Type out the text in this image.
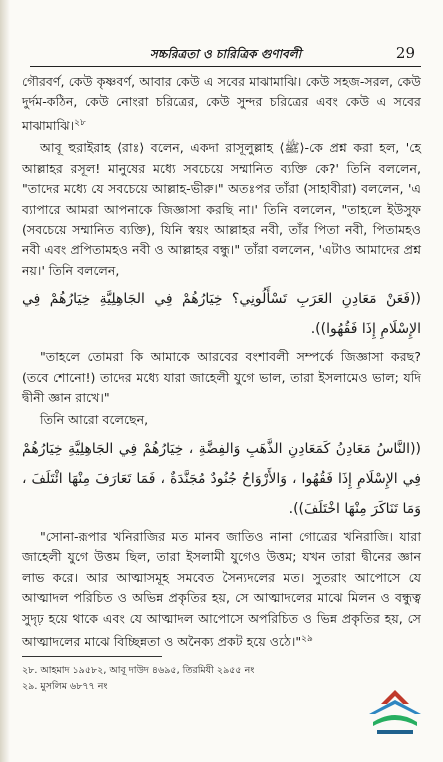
সচ্চরিত্রতা ও চারিত্রিক গুণাবলী	29

গৌরবর্ণ, কেউ কৃষ্ণবর্ণ, আবার কেউ এ সবের মাঝামাঝি। কেউ সহজ-সরল, কেউ দুর্দম-কঠিন, কেউ নোংরা চরিত্রের, কেউ সুন্দর চরিত্রের এবং কেউ এ সবের মাঝামাঝি।$^{২৮}$

আবূ হুরাইরাহ ⟨রাঃ⟩ বলেন, একদা রাসূলুল্লাহ ⟨ﷺ⟩-কে প্রশ্ন করা হল, 'হে আল্লাহর রসূল! মানুষের মধ্যে সবচেয়ে সম্মানিত ব্যক্তি কে?' তিনি বললেন, "তাদের মধ্যে যে সবচেয়ে আল্লাহ-ভীরু।" অতঃপর তাঁরা (সাহাবীরা) বললেন, 'এ ব্যাপারে আমরা আপনাকে জিজ্ঞাসা করছি না।' তিনি বললেন, "তাহলে ইউসুফ (সবচেয়ে সম্মানিত ব্যক্তি), যিনি স্বয়ং আল্লাহর নবী, তাঁর পিতা নবী, পিতামহও নবী এবং প্রপিতামহও নবী ও আল্লাহর বন্ধু।" তাঁরা বললেন, 'এটাও আমাদের প্রশ্ন নয়।' তিনি বললেন,

((فَعَنْ مَعَادِنِ العَرَبِ تَسْأَلُونِي؟ خِيَارُهُمْ فِي الجَاهِلِيَّةِ خِيَارُهُمْ فِي الإِسْلَامِ إِذَا فَقُهُوا)).

"তাহলে তোমরা কি আমাকে আরবের বংশাবলী সম্পর্কে জিজ্ঞাসা করছ? (তবে শোনো!) তাদের মধ্যে যারা জাহেলী যুগে ভাল, তারা ইসলামেও ভাল; যদি দ্বীনী জ্ঞান রাখে।"

তিনি আরো বলেছেন,

((النَّاسُ مَعَادِنُ كَمَعَادِنِ الذَّهَبِ وَالفِضَّةِ ، خِيَارُهُمْ فِي الجَاهِلِيَّةِ خِيَارُهُمْ فِي الإِسْلَامِ إِذَا فَقُهُوا ، وَالأَرْوَاحُ جُنُودٌ مُجَنَّدَةٌ ، فَمَا تَعَارَفَ مِنْهَا ائْتَلَفَ ، وَمَا تَنَاكَرَ مِنْهَا اخْتَلَفَ)).

"সোনা-রূপার খনিরাজির মত মানব জাতিও নানা গোত্রের খনিরাজি। যারা জাহেলী যুগে উত্তম ছিল, তারা ইসলামী যুগেও উত্তম; যখন তারা দ্বীনের জ্ঞান লাভ করে। আর আত্মাসমূহ সমবেত সৈন্যদলের মত। সুতরাং আপোসে যে আত্মাদল পরিচিত ও অভিন্ন প্রকৃতির হয়, সে আত্মাদলের মাঝে মিলন ও বন্ধুত্ব সুদৃঢ় হয়ে থাকে এবং যে আত্মাদল আপোসে অপরিচিত ও ভিন্ন প্রকৃতির হয়, সে আত্মাদলের মাঝে বিচ্ছিন্নতা ও অনৈক্য প্রকট হয়ে ওঠে।"$^{২৯}$

২৮. আহমাদ ১৯৫৮২, আবূ দাউদ ৪৬৯৫, তিরমিযী ২৯৫৫ নং
২৯. মুসলিম ৬৮৭৭ নং
